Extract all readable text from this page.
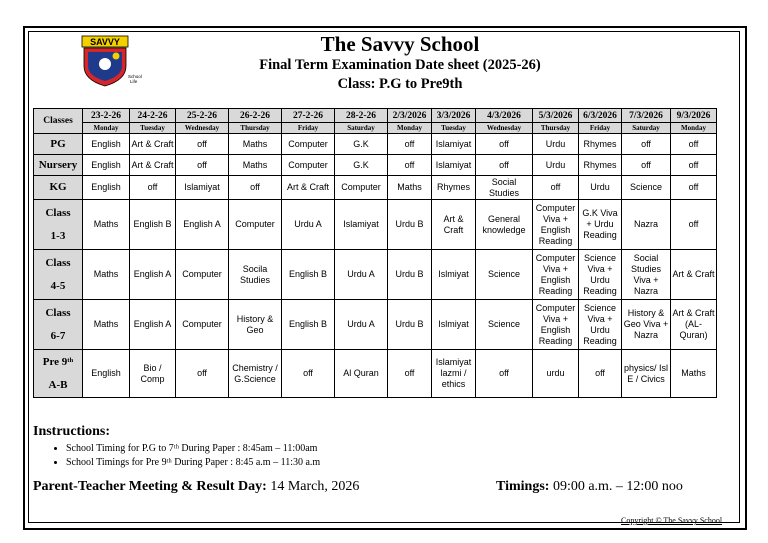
SAVVY
School
Life
The Savvy School
Final Term Examination Date sheet (2025-26)
Class: P.G to Pre9th
Classes	23-2-26	24-2-26	25-2-26	26-2-26	27-2-26	28-2-26	2/3/2026	3/3/2026	4/3/2026	5/3/2026	6/3/2026	7/3/2026	9/3/2026
	Monday	Tuesday	Wednesday	Thursday	Friday	Saturday	Monday	Tuesday	Wednesday	Thursday	Friday	Saturday	Monday
PG	English	Art & Craft	off	Maths	Computer	G.K	off	Islamiyat	off	Urdu	Rhymes	off	off
Nursery	English	Art & Craft	off	Maths	Computer	G.K	off	Islamiyat	off	Urdu	Rhymes	off	off
KG	English	off	Islamiyat	off	Art & Craft	Computer	Maths	Rhymes	Social Studies	off	Urdu	Science	off
Class
1-3	Maths	English B	English A	Computer	Urdu A	Islamiyat	Urdu B	Art & Craft	General knowledge	Computer Viva + English Reading	G.K Viva + Urdu Reading	Nazra	off
Class
4-5	Maths	English A	Computer	Socila Studies	English B	Urdu A	Urdu B	Islmiyat	Science	Computer Viva + English Reading	Science Viva + Urdu Reading	Social Studies Viva + Nazra	Art & Craft
Class
6-7	Maths	English A	Computer	History & Geo	English B	Urdu A	Urdu B	Islmiyat	Science	Computer Viva + English Reading	Science Viva + Urdu Reading	History & Geo Viva + Nazra	Art & Craft (AL-Quran)
Pre 9ᵗʰ
A-B	English	Bio / Comp	off	Chemistry / G.Science	off	Al Quran	off	Islamiyat lazmi / ethics	off	urdu	off	physics/ Isl E / Civics	Maths
Instructions:
• School Timing for P.G to 7ᵗʰ During Paper : 8:45am – 11:00am
• School Timings for Pre 9ᵗʰ During Paper : 8:45 a.m – 11:30 a.m
Parent-Teacher Meeting & Result Day: 14 March, 2026	Timings: 09:00 a.m. – 12:00 noo
Copyright © The Savvy School
